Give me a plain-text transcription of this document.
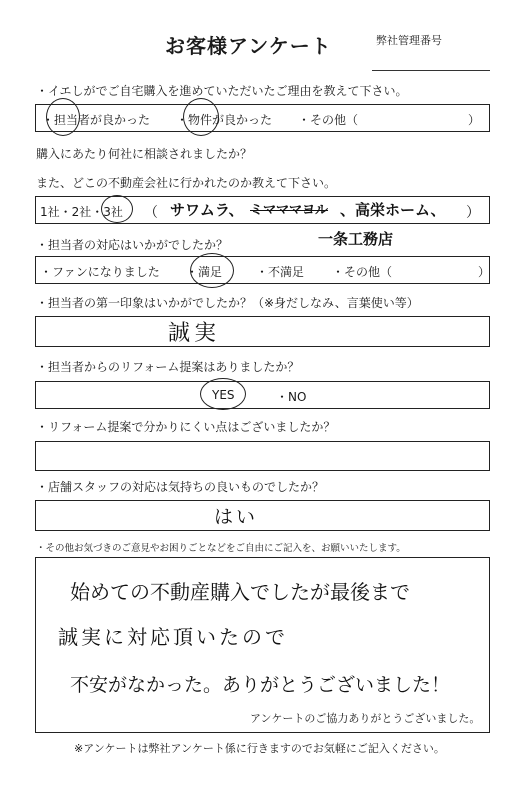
お客様アンケート	弊社管理番号
・イエしがでご自宅購入を進めていただいたご理由を教えて下さい。
・担当者が良かった ・物件が良かった ・その他（	）
購入にあたり何社に相談されましたか？
また、どこの不動産会社に行かれたのか教えて下さい。
1社・2社・3社 （ サワムラ、 ミマママヨル 、高栄ホーム、 ）
一条工務店
・担当者の対応はいかがでしたか？
・ファンになりました ・満足	・不満足 ・その他（	）
・担当者の第一印象はいかがでしたか？（※身だしなみ、言葉使い等）
誠実
・担当者からのリフォーム提案はありましたか？
YES	・NO
・リフォーム提案で分かりにくい点はございましたか？
・店舗スタッフの対応は気持ちの良いものでしたか？
はい
・その他お気づきのご意見やお困りごとなどをご自由にご記入を、お願いいたします。
始めての不動産購入でしたが最後まで
誠実に対応頂いたので
不安がなかった。ありがとうございました！
アンケートのご協力ありがとうございました。
※アンケートは弊社アンケート係に行きますのでお気軽にご記入ください。
